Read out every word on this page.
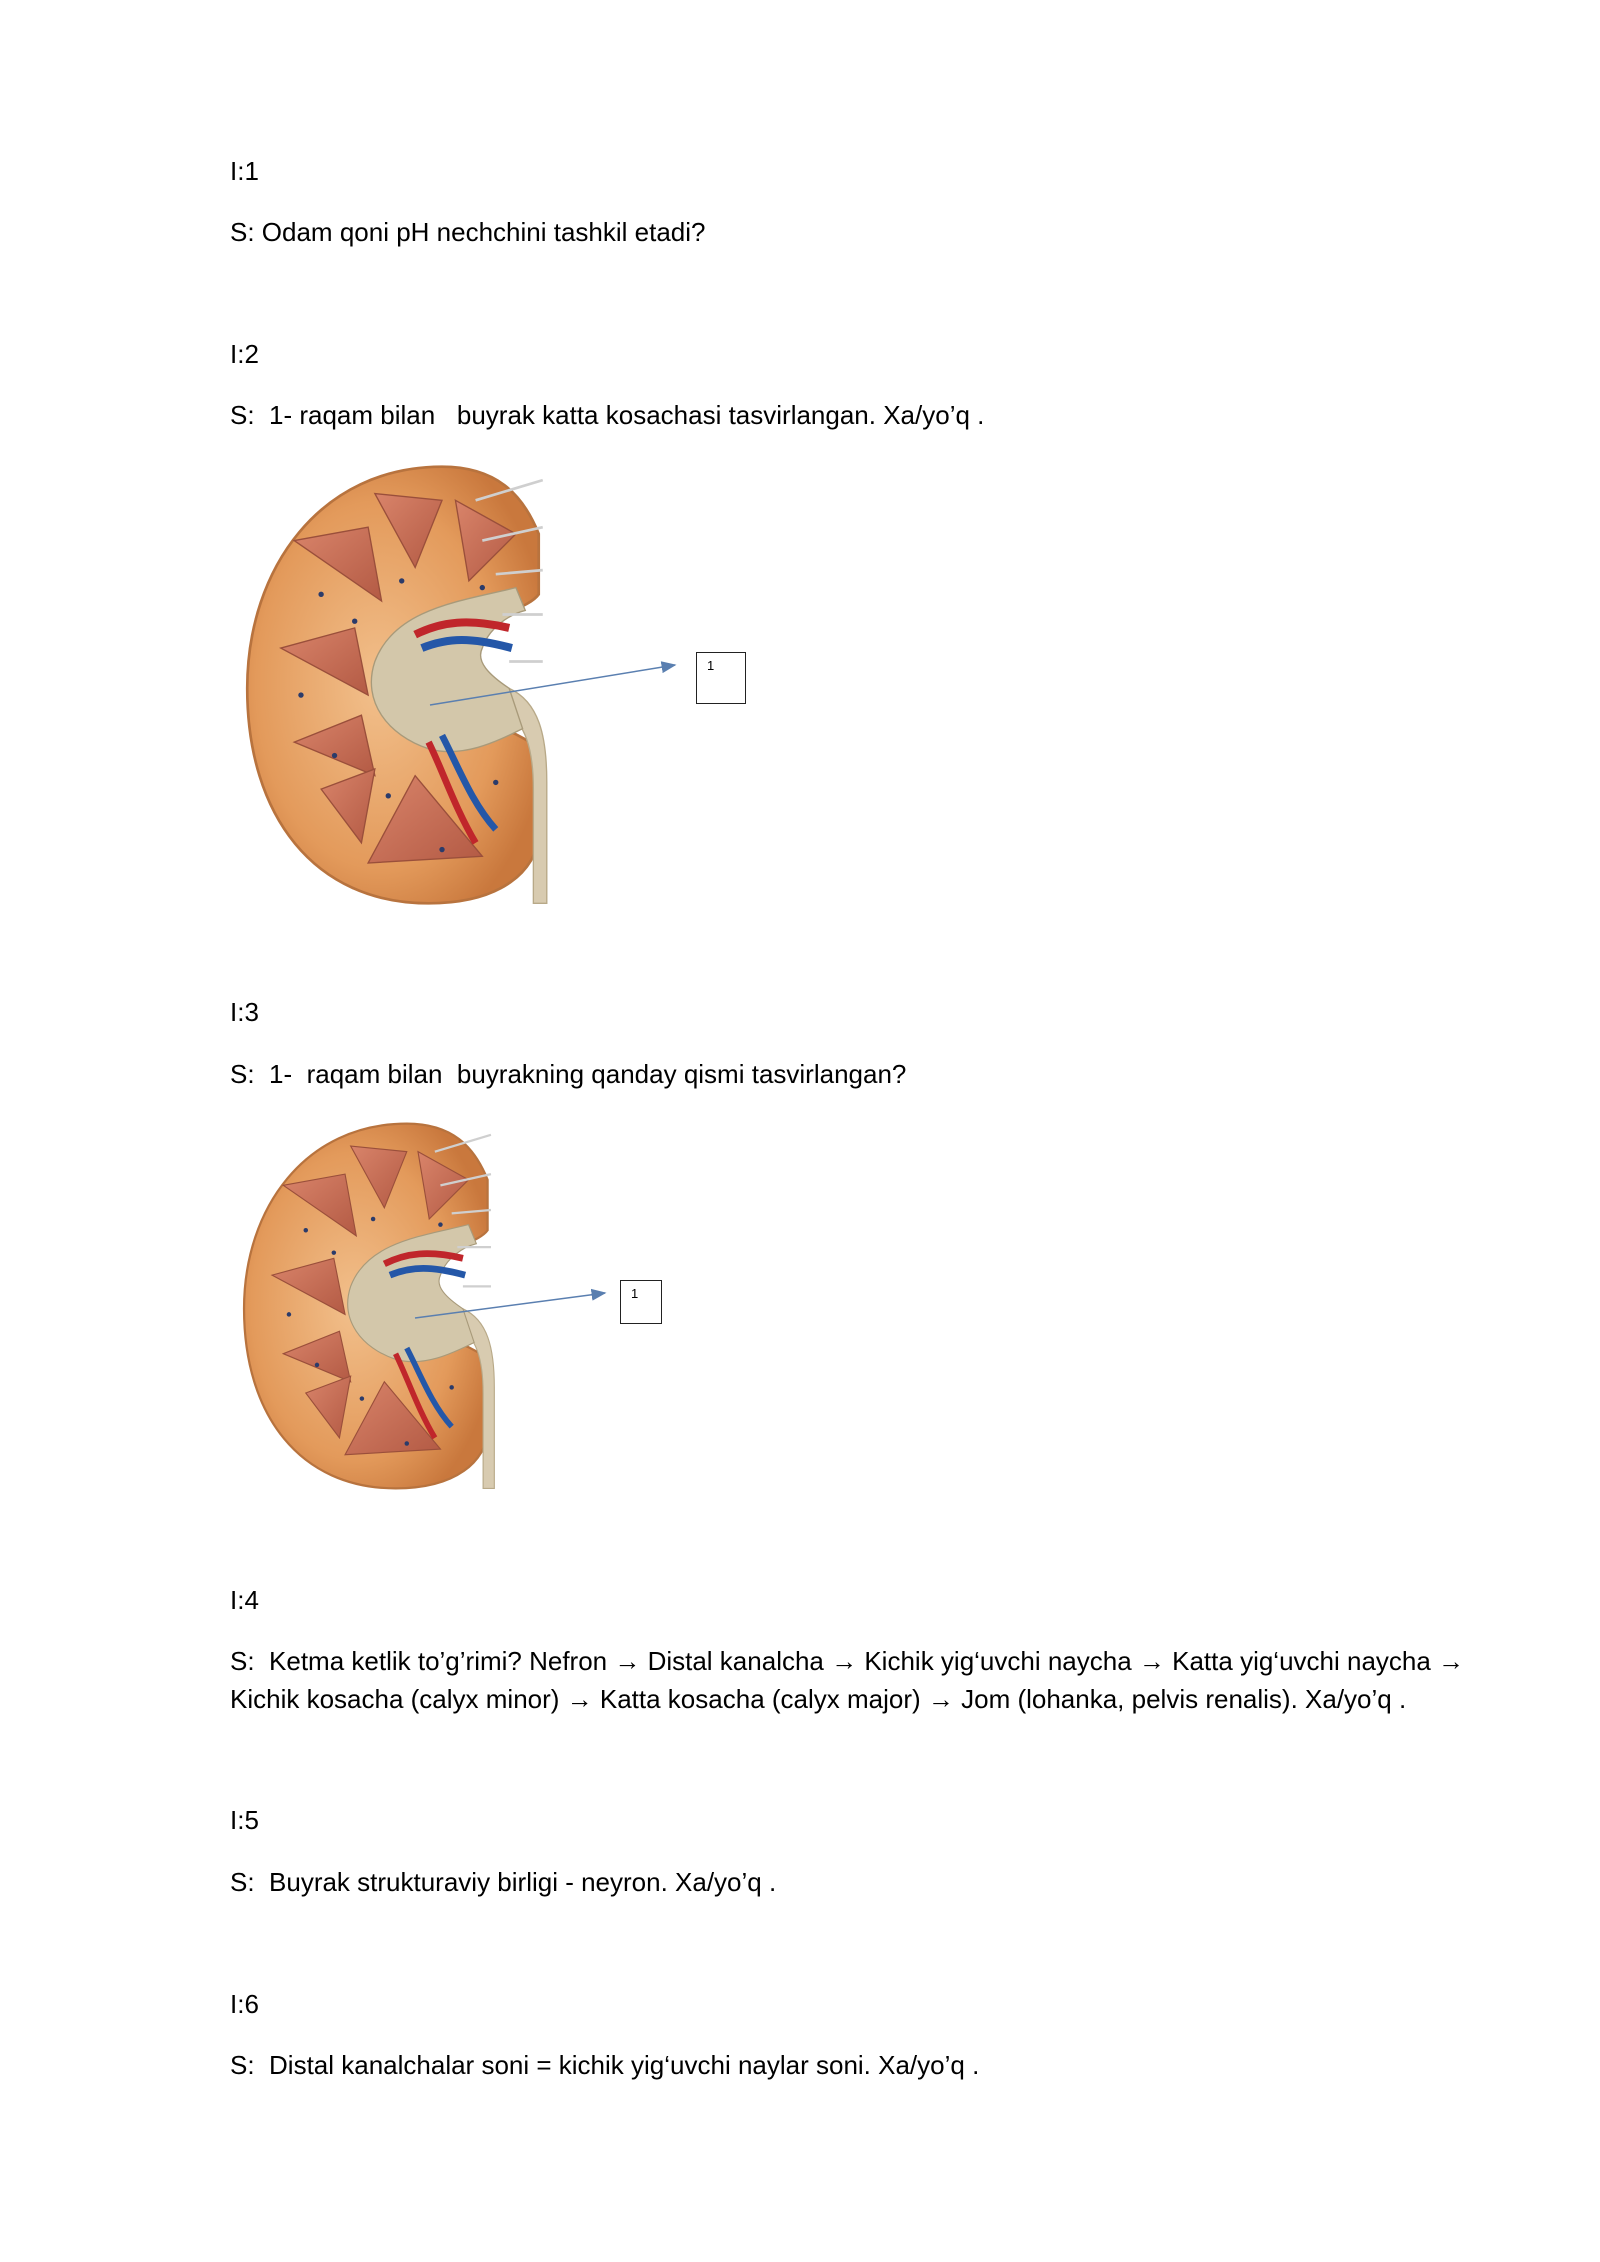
I:1

S: Odam qoni pH nechchini tashkil etadi?

I:2

S:  1- raqam bilan   buyrak katta kosachasi tasvirlangan. Xa/yo’q .

1

I:3

S:  1-  raqam bilan  buyrakning qanday qismi tasvirlangan?

1

I:4

S:  Ketma ketlik to’g’rimi? Nefron → Distal kanalcha → Kichik yig‘uvchi naycha → Katta yig‘uvchi naycha → Kichik kosacha (calyx minor) → Katta kosacha (calyx major) → Jom (lohanka, pelvis renalis). Xa/yo’q .

I:5

S:  Buyrak strukturaviy birligi - neyron. Xa/yo’q .

I:6

S:  Distal kanalchalar soni = kichik yig‘uvchi naylar soni. Xa/yo’q .
